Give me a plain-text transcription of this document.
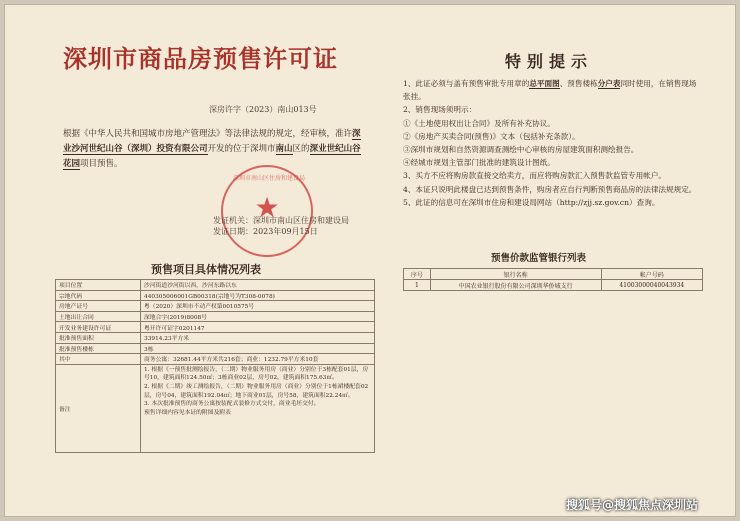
深圳市商品房预售许可证
深房许字（2023）南山013号
根据《中华人民共和国城市房地产管理法》等法律法规的规定，经审核，准许深业沙河世纪山谷（深圳）投资有限公司开发的位于深圳市南山区的深业世纪山谷花园项目预售。
深圳市南山区住房和建设局
★
发证机关：深圳市南山区住房和建设局
发证日期：2023年09月15日
预售项目具体情况列表
项目位置	沙河街道沙河街以西，沙河东路以东
宗地代码	440305006001GB00318(宗地号为T308-0078)
房地产证号	粤（2020）深圳市不动产权第0010575号
土地出让合同	深地合字(2019)8008号
开发业务建设许可证	粤开许可证字0201147
批准预售面积	33914.23平方米
批准预售楼栋	3栋
其中	商务公寓：32681.44平方米共216套；商业：1232.79平方米10套
备注	1. 根据《一预售批测绘报告，（二期）物业服务用房（商业）分别位于3栋配套01层，房号10，建筑面积124.50㎡；3栋商业02层，房号02，建筑面积175.63㎡。
2. 根据《二期》竣工测绘报告，（二期）物业服务用房（商业）分别位于1栋裙楼配套02层，房号04，建筑面积192.04㎡；地下商业01层，房号58，建筑面积22.24㎡。
3. 本次批准预售的商务公寓按装配式装修方式交付，商业毛坯交付。
预售详细内容见本证的附图及附表
特别提示

1、此证必须与盖有预售审批专用章的总平面图、预售楼栋分户表同时使用，在销售现场张挂。

2、销售现场须明示：

①《土地使用权出让合同》及所有补充协议。

②《房地产买卖合同(预售)》文本（包括补充条款）。

③深圳市规划和自然资源调查测绘中心审核的房屋建筑面积测绘报告。

④经城市规划主管部门批准的建筑设计图纸。

3、买方不应将购房款直接交给卖方，而应将购房款汇入预售款监管专用帐户。

4、本证只说明此楼盘已达到预售条件，购房者应自行判断预售商品房的法律法规规定。

5、此证的信息可在深圳市住房和建设局网站（http://zjj.sz.gov.cn）查询。

预售价款监管银行列表
序号	银行名称	帐户号码
1	中国农业银行股份有限公司深圳华侨城支行	41003000040043934
搜狐号@搜狐焦点深圳站
